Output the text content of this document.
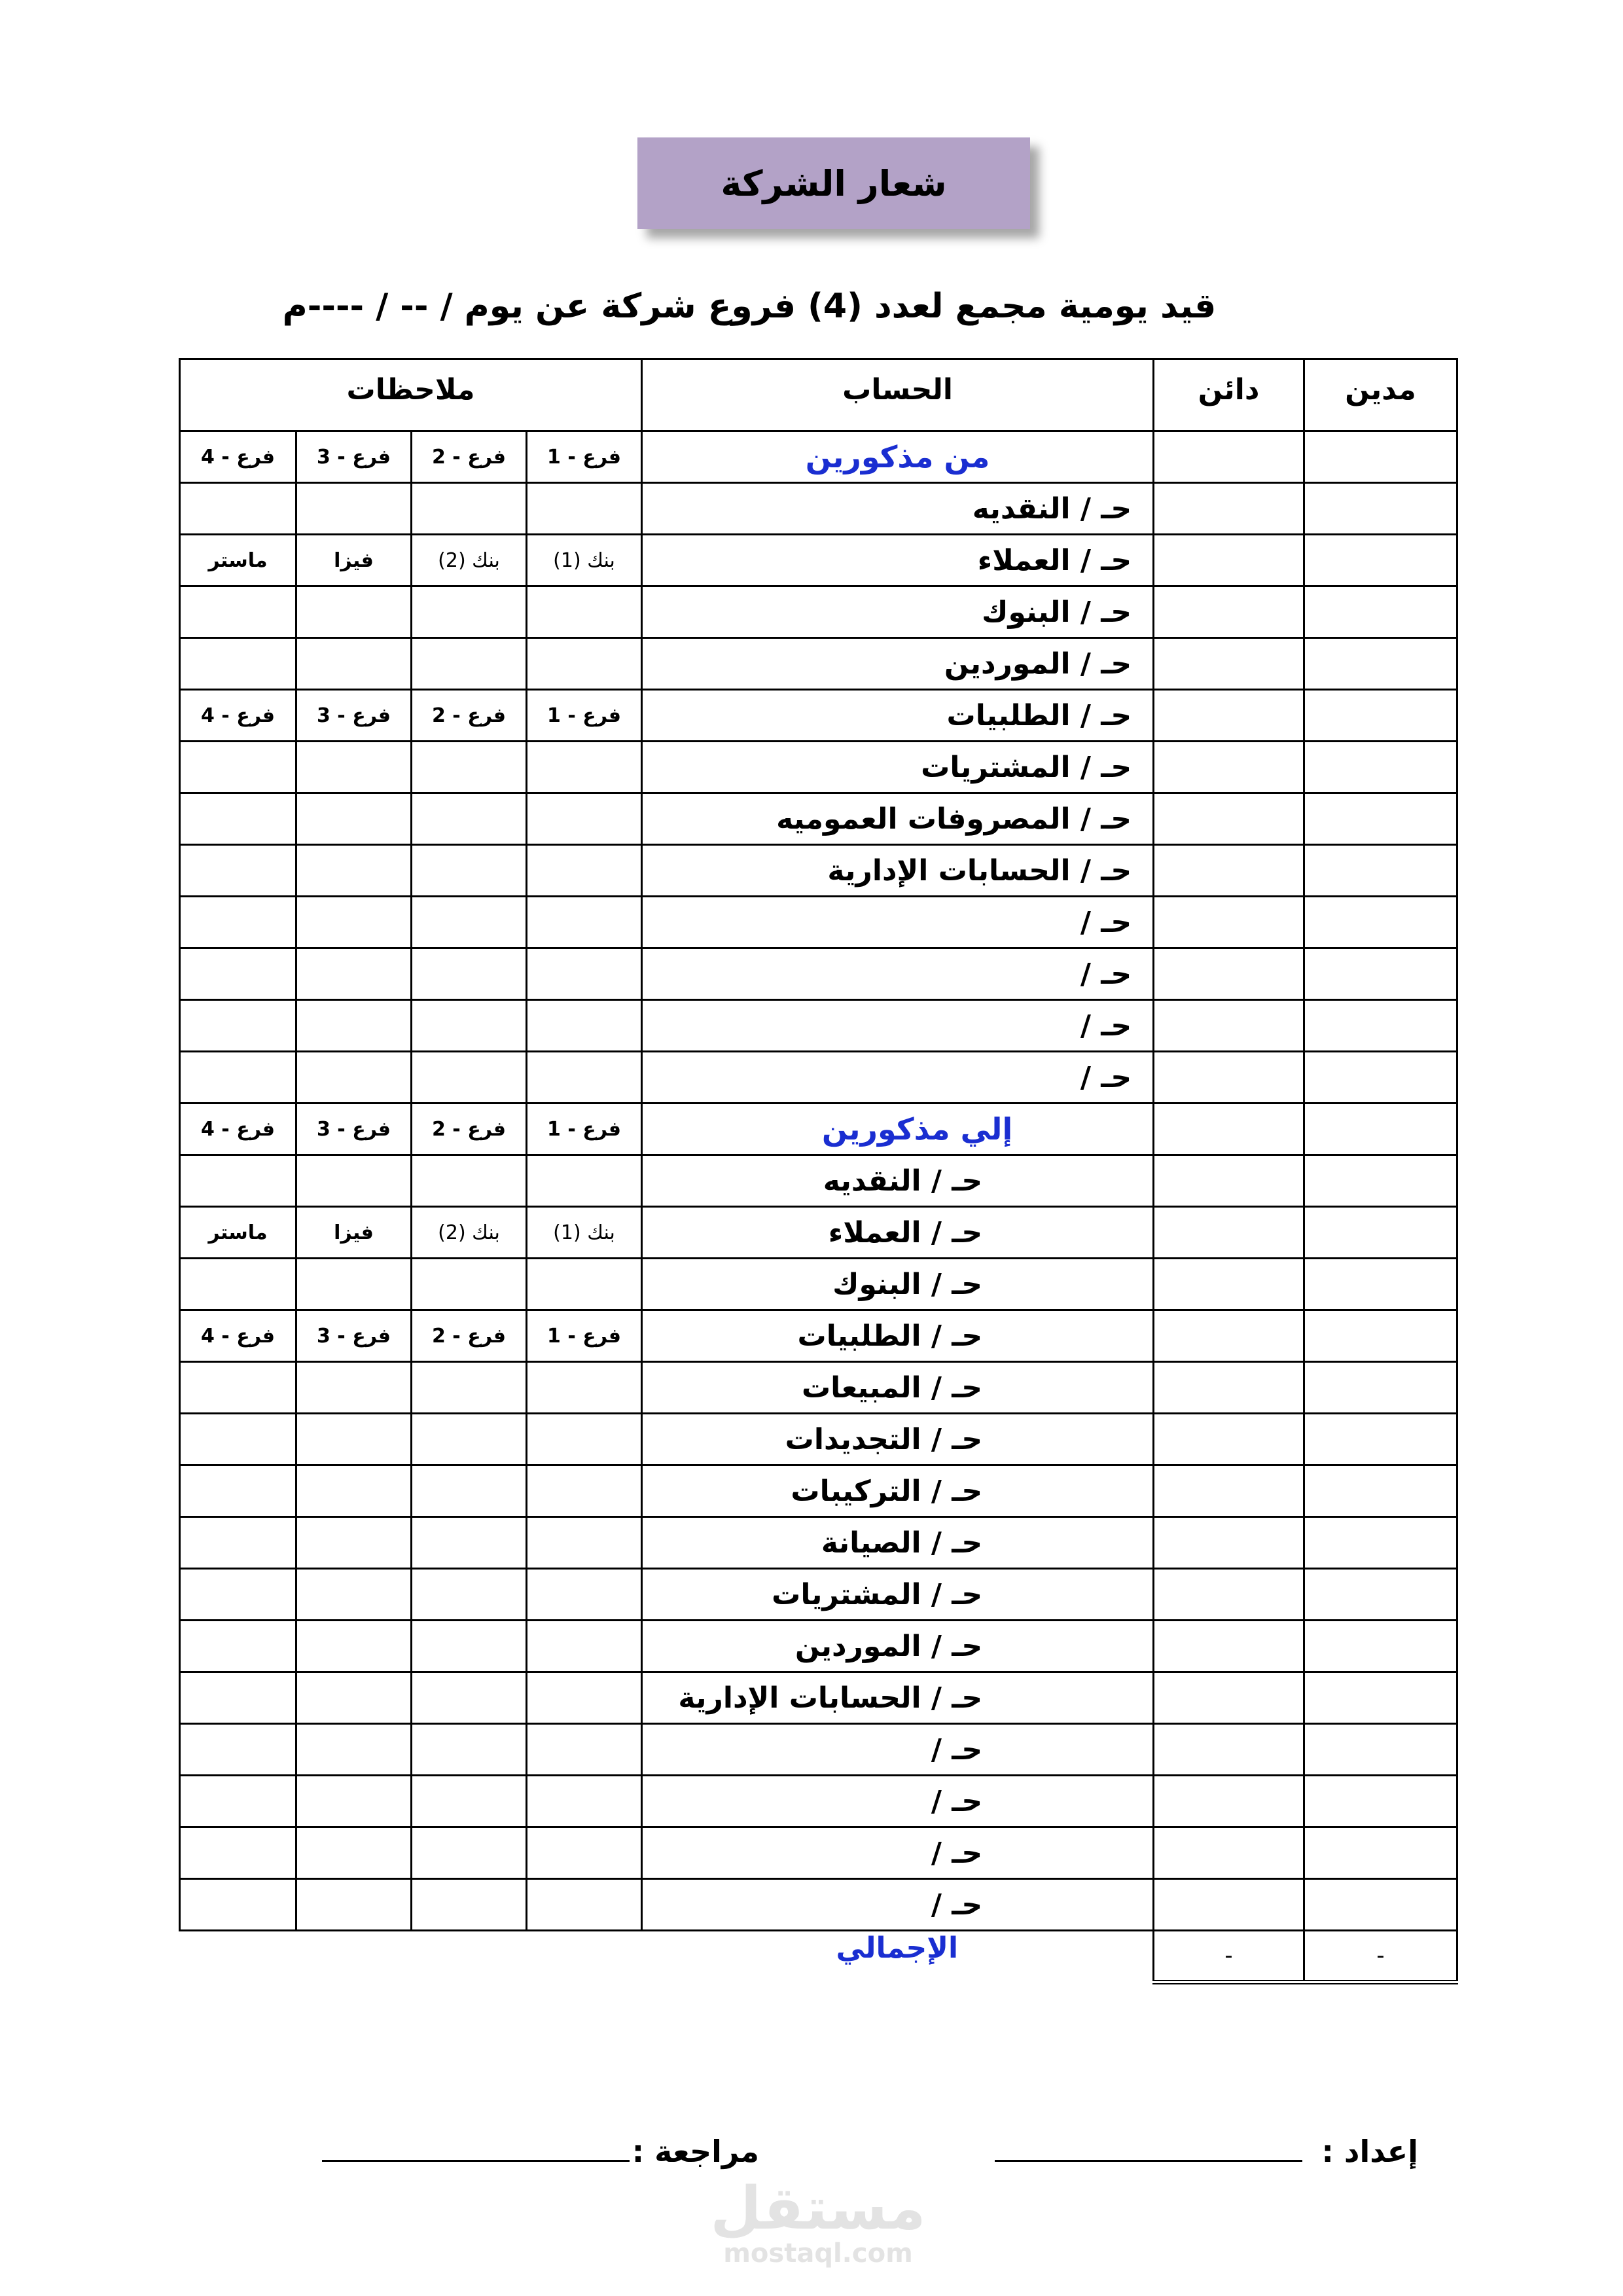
شعار الشركة
قيد يومية مجمع لعدد (4) فروع شركة عن يوم / -- / ----م
ملاحظات				الحساب	دائن	مدين
فرع - 4	فرع - 3	فرع - 2	فرع - 1	من مذكورين		
				حـ / النقديه		
ماستر	فيزا	بنك (2)	بنك (1)	حـ / العملاء		
				حـ / البنوك		
				حـ / الموردين		
فرع - 4	فرع - 3	فرع - 2	فرع - 1	حـ / الطلبيات		
				حـ / المشتريات		
				حـ / المصروفات العموميه		
				حـ / الحسابات الإدارية		
				حـ /		
				حـ /		
				حـ /		
				حـ /		
فرع - 4	فرع - 3	فرع - 2	فرع - 1	إلي مذكورين		
				حـ / النقديه		
ماستر	فيزا	بنك (2)	بنك (1)	حـ / العملاء		
				حـ / البنوك		
فرع - 4	فرع - 3	فرع - 2	فرع - 1	حـ / الطلبيات		
				حـ / المبيعات		
				حـ / التجديدات		
				حـ / التركيبات		
				حـ / الصيانة		
				حـ / المشتريات		
				حـ / الموردين		
				حـ / الحسابات الإدارية		
				حـ /		
				حـ /		
				حـ /		
				حـ /		
				الإجمالي	-	-
إعداد :
مراجعة :
مستقل
mostaql.com
